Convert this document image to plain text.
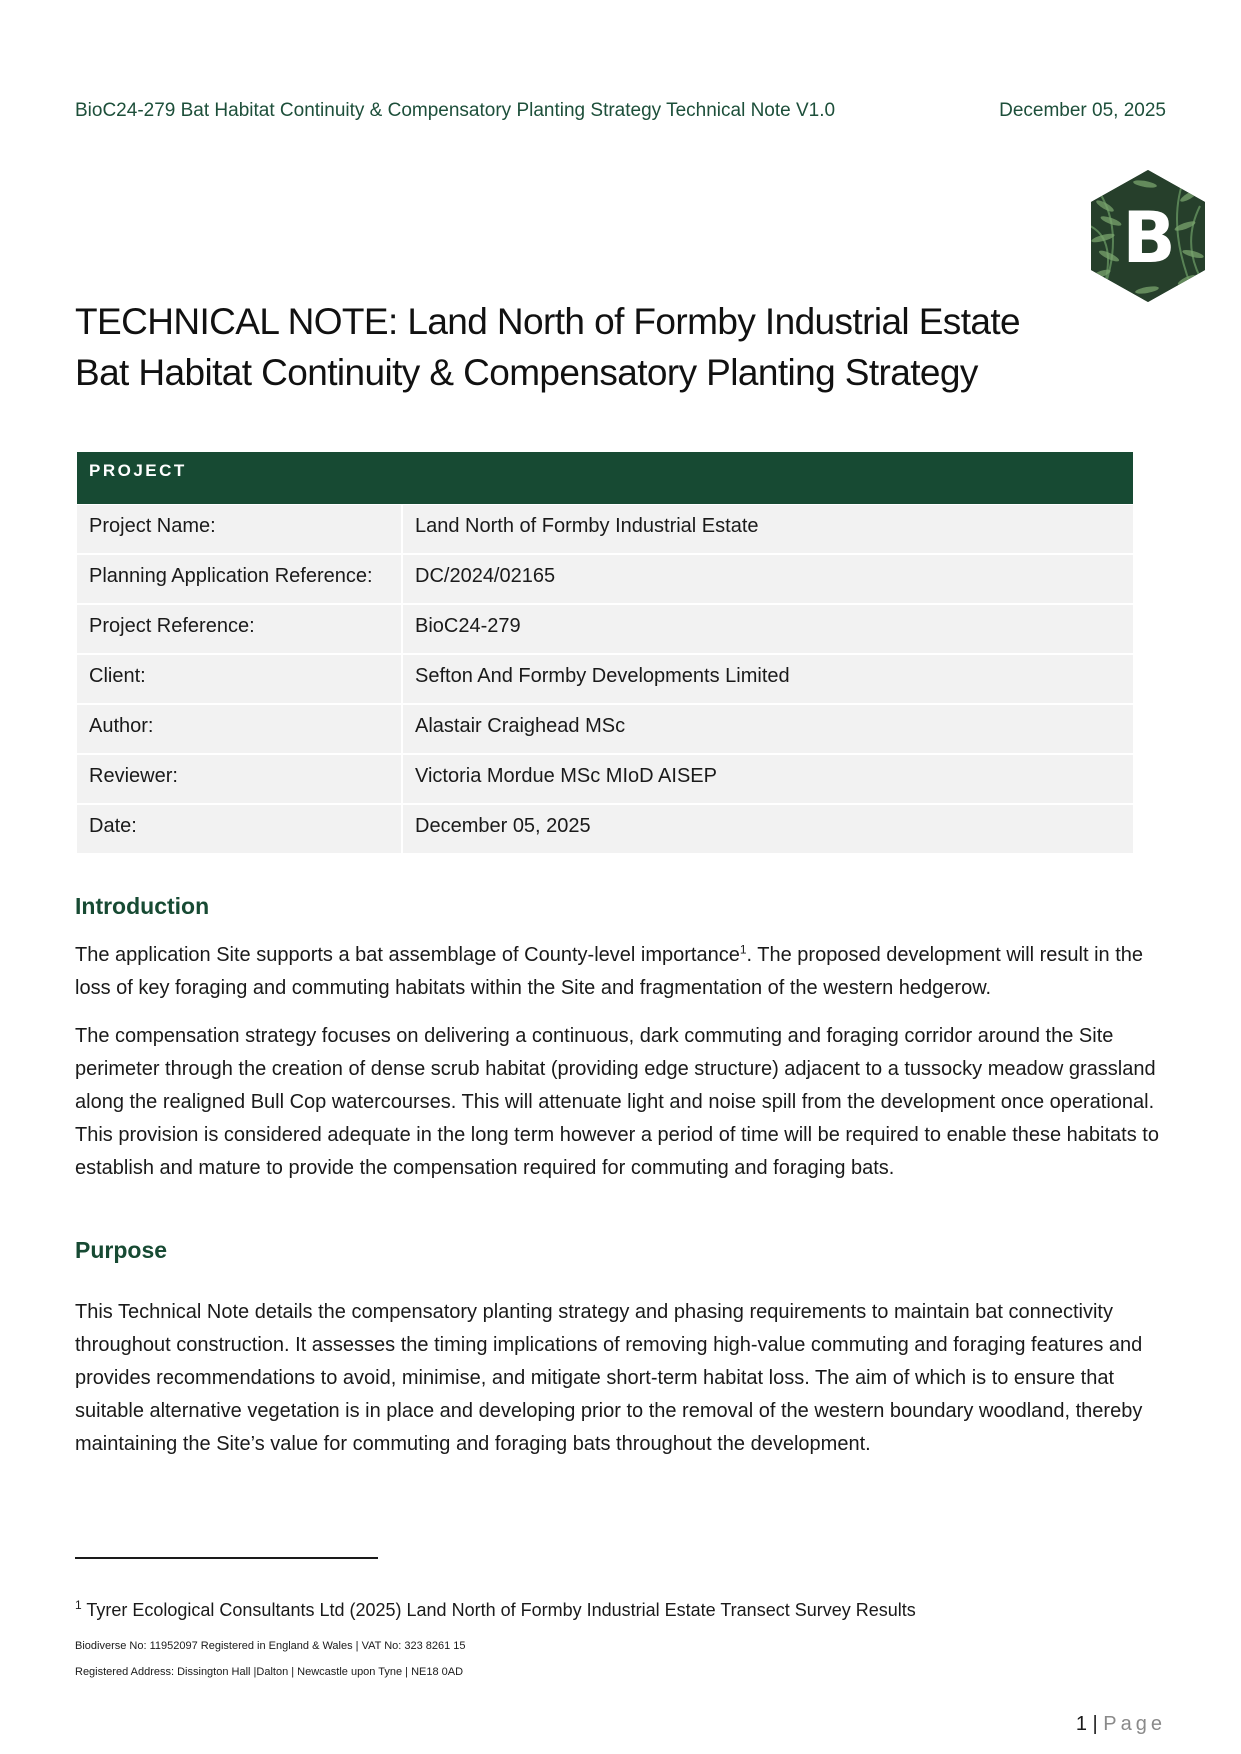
BioC24-279 Bat Habitat Continuity & Compensatory Planting Strategy Technical Note V1.0	December 05, 2025
B
TECHNICAL NOTE: Land North of Formby Industrial Estate
Bat Habitat Continuity & Compensatory Planting Strategy
PROJECT
Project Name:	Land North of Formby Industrial Estate
Planning Application Reference:	DC/2024/02165
Project Reference:	BioC24-279
Client:	Sefton And Formby Developments Limited
Author:	Alastair Craighead MSc
Reviewer:	Victoria Mordue MSc MIoD AISEP
Date:	December 05, 2025
Introduction
The application Site supports a bat assemblage of County-level importance$^1$. The proposed development will result in the loss of key foraging and commuting habitats within the Site and fragmentation of the western hedgerow.
The compensation strategy focuses on delivering a continuous, dark commuting and foraging corridor around the Site perimeter through the creation of dense scrub habitat (providing edge structure) adjacent to a tussocky meadow grassland along the realigned Bull Cop watercourses. This will attenuate light and noise spill from the development once operational. This provision is considered adequate in the long term however a period of time will be required to enable these habitats to establish and mature to provide the compensation required for commuting and foraging bats.
Purpose
This Technical Note details the compensatory planting strategy and phasing requirements to maintain bat connectivity throughout construction. It assesses the timing implications of removing high-value commuting and foraging features and provides recommendations to avoid, minimise, and mitigate short-term habitat loss. The aim of which is to ensure that suitable alternative vegetation is in place and developing prior to the removal of the western boundary woodland, thereby maintaining the Site’s value for commuting and foraging bats throughout the development.
$^1$ Tyrer Ecological Consultants Ltd (2025) Land North of Formby Industrial Estate Transect Survey Results
Biodiverse No: 11952097 Registered in England & Wales | VAT No: 323 8261 15
Registered Address: Dissington Hall |Dalton | Newcastle upon Tyne | NE18 0AD
1 | Page
